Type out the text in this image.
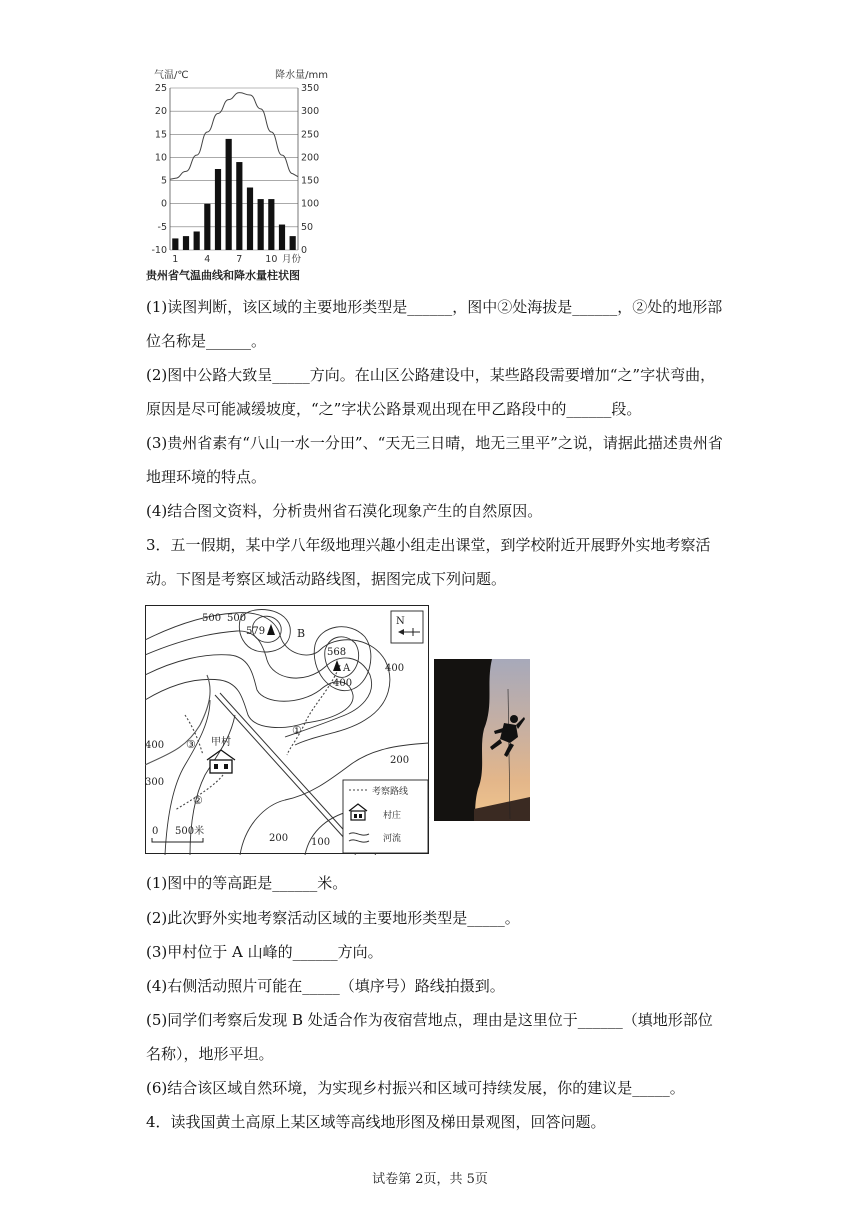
气温/℃	降水量/mm
25
20
15
10
5
0
-5
-10
350
300
250
200
150
100
50
0
1	4	7 10 月份
贵州省气温曲线和降水量柱状图
(1)读图判断，该区域的主要地形类型是______，图中②处海拔是______，②处的地形部
位名称是______。
(2)图中公路大致呈_____方向。在山区公路建设中，某些路段需要增加“之”字状弯曲，
原因是尽可能减缓坡度，“之”字状公路景观出现在甲乙路段中的______段。
(3)贵州省素有“八山一水一分田”、“天无三日晴，地无三里平”之说，请据此描述贵州省
地理环境的特点。
(4)结合图文资料，分析贵州省石漠化现象产生的自然原因。
3．五一假期，某中学八年级地理兴趣小组走出课堂，到学校附近开展野外实地考察活
动。下图是考察区域活动路线图，据图完成下列问题。
500 500
400
400
300
200
200 100
400
579
568
A
B
N
①
②
③ 甲村
0 500米
考察路线
村庄
河流
(1)图中的等高距是______米。
(2)此次野外实地考察活动区域的主要地形类型是_____。
(3)甲村位于 A 山峰的______方向。
(4)右侧活动照片可能在_____（填序号）路线拍摄到。
(5)同学们考察后发现 B 处适合作为夜宿营地点，理由是这里位于______（填地形部位
名称），地形平坦。
(6)结合该区域自然环境，为实现乡村振兴和区域可持续发展，你的建议是_____。
4．读我国黄土高原上某区域等高线地形图及梯田景观图，回答问题。
试卷第 2页，共 5页
